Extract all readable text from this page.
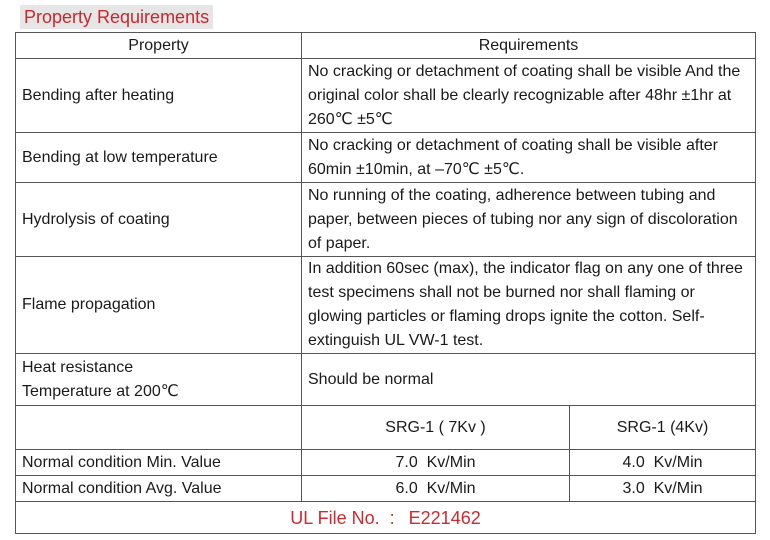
Property Requirements
Property	Requirements	
Bending after heating	No cracking or detachment of coating shall be visible And the original color shall be clearly recognizable after 48hr ±1hr at 260℃ ±5℃	
Bending at low temperature	No cracking or detachment of coating shall be visible after 60min ±10min, at –70℃ ±5℃.	
Hydrolysis of coating	No running of the coating, adherence between tubing and paper, between pieces of tubing nor any sign of discoloration of paper.	
Flame propagation	In addition 60sec (max), the indicator flag on any one of three test specimens shall not be burned nor shall flaming or glowing particles or flaming drops ignite the cotton. Self-extinguish UL VW-1 test.	

Heat resistance
Temperature at 200℃	Should be normal	
	SRG-1 ( 7Kv )	SRG-1 (4Kv)
Normal condition Min. Value	7.0  Kv/Min	4.0  Kv/Min
Normal condition Avg. Value	6.0  Kv/Min	3.0  Kv/Min
UL File No.  : E221462		
